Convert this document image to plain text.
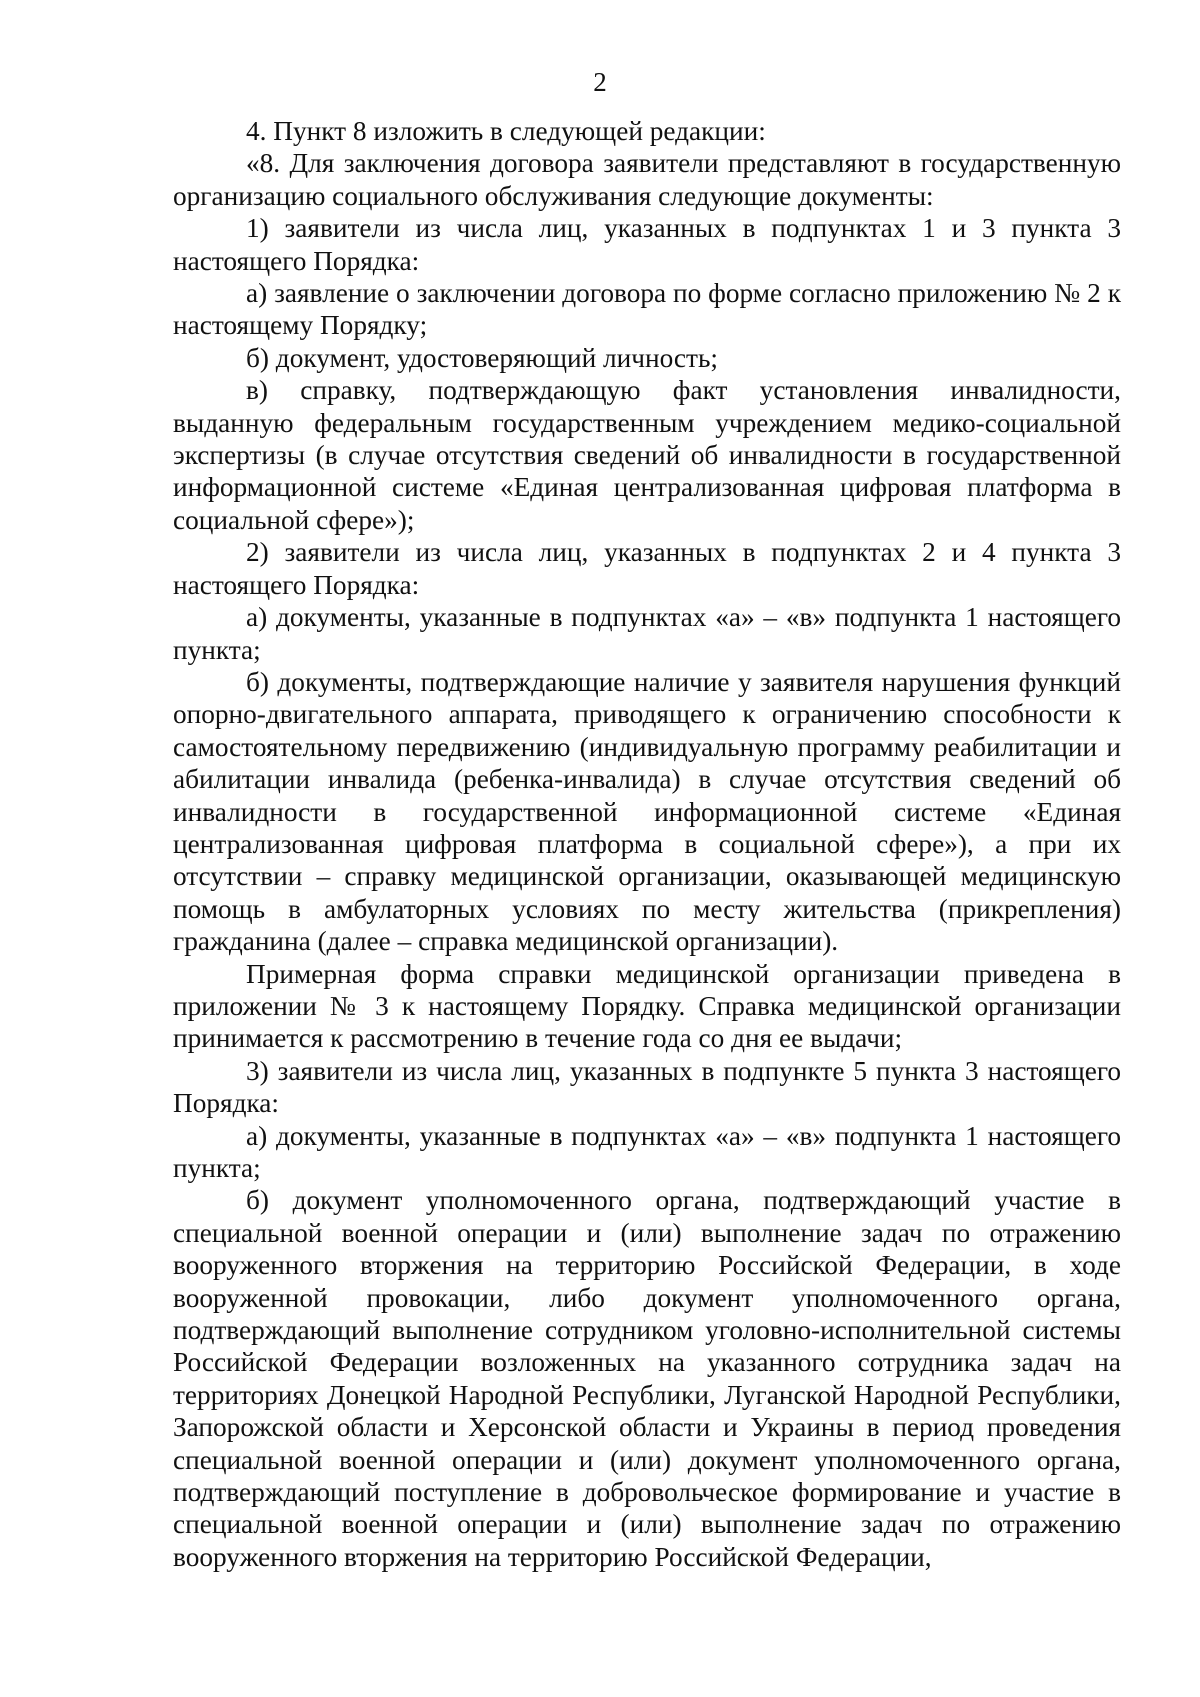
2

4. Пункт 8 изложить в следующей редакции:

«8. Для заключения договора заявители представляют в государственную организацию социального обслуживания следующие документы:

1) заявители из числа лиц, указанных в подпунктах 1 и 3 пункта 3 настоящего Порядка:

а) заявление о заключении договора по форме согласно приложению № 2 к настоящему Порядку;

б) документ, удостоверяющий личность;

в) справку, подтверждающую факт установления инвалидности, выданную федеральным государственным учреждением медико-социальной экспертизы (в случае отсутствия сведений об инвалидности в государственной информационной системе «Единая централизованная цифровая платформа в социальной сфере»);

2) заявители из числа лиц, указанных в подпунктах 2 и 4 пункта 3 настоящего Порядка:

а) документы, указанные в подпунктах «а» – «в» подпункта 1 настоящего пункта;

б) документы, подтверждающие наличие у заявителя нарушения функций опорно-двигательного аппарата, приводящего к ограничению способности к самостоятельному передвижению (индивидуальную программу реабилитации и абилитации инвалида (ребенка-инвалида) в случае отсутствия сведений об инвалидности в государственной информационной системе «Единая централизованная цифровая платформа в социальной сфере»), а при их отсутствии – справку медицинской организации, оказывающей медицинскую помощь в амбулаторных условиях по месту жительства (прикрепления) гражданина (далее – справка медицинской организации).

Примерная форма справки медицинской организации приведена в приложении № 3 к настоящему Порядку. Справка медицинской организации принимается к рассмотрению в течение года со дня ее выдачи;

3) заявители из числа лиц, указанных в подпункте 5 пункта 3 настоящего Порядка:

а) документы, указанные в подпунктах «а» – «в» подпункта 1 настоящего пункта;

б) документ уполномоченного органа, подтверждающий участие в специальной военной операции и (или) выполнение задач по отражению вооруженного вторжения на территорию Российской Федерации, в ходе вооруженной провокации, либо документ уполномоченного органа, подтверждающий выполнение сотрудником уголовно-исполнительной системы Российской Федерации возложенных на указанного сотрудника задач на территориях Донецкой Народной Республики, Луганской Народной Республики, Запорожской области и Херсонской области и Украины в период проведения специальной военной операции и (или) документ уполномоченного органа, подтверждающий поступление в добровольческое формирование и участие в специальной военной операции и (или) выполнение задач по отражению вооруженного вторжения на территорию Российской Федерации,
